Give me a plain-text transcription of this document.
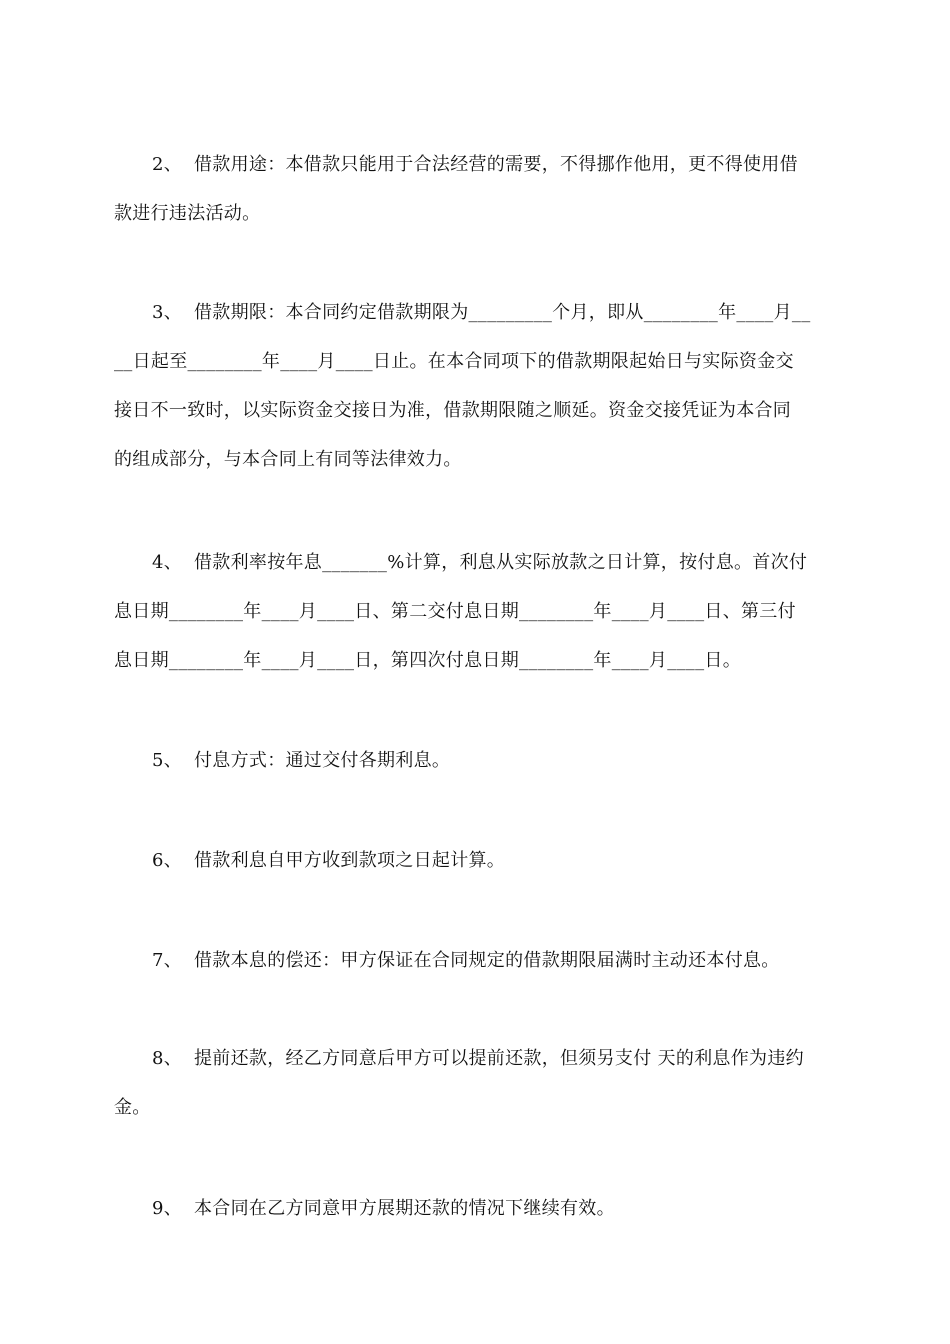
2、 借款用途：本借款只能用于合法经营的需要，不得挪作他用，更不得使用借
款进行违法活动。

3、 借款期限：本合同约定借款期限为_________个月，即从________年____月__
__日起至________年____月____日止。在本合同项下的借款期限起始日与实际资金交
接日不一致时，以实际资金交接日为准，借款期限随之顺延。资金交接凭证为本合同
的组成部分，与本合同上有同等法律效力。

4、 借款利率按年息_______%计算，利息从实际放款之日计算，按付息。首次付
息日期________年____月____日、第二交付息日期________年____月____日、第三付
息日期________年____月____日，第四次付息日期________年____月____日。

5、 付息方式：通过交付各期利息。

6、 借款利息自甲方收到款项之日起计算。

7、 借款本息的偿还：甲方保证在合同规定的借款期限届满时主动还本付息。

8、 提前还款，经乙方同意后甲方可以提前还款，但须另支付 天的利息作为违约
金。

9、 本合同在乙方同意甲方展期还款的情况下继续有效。
